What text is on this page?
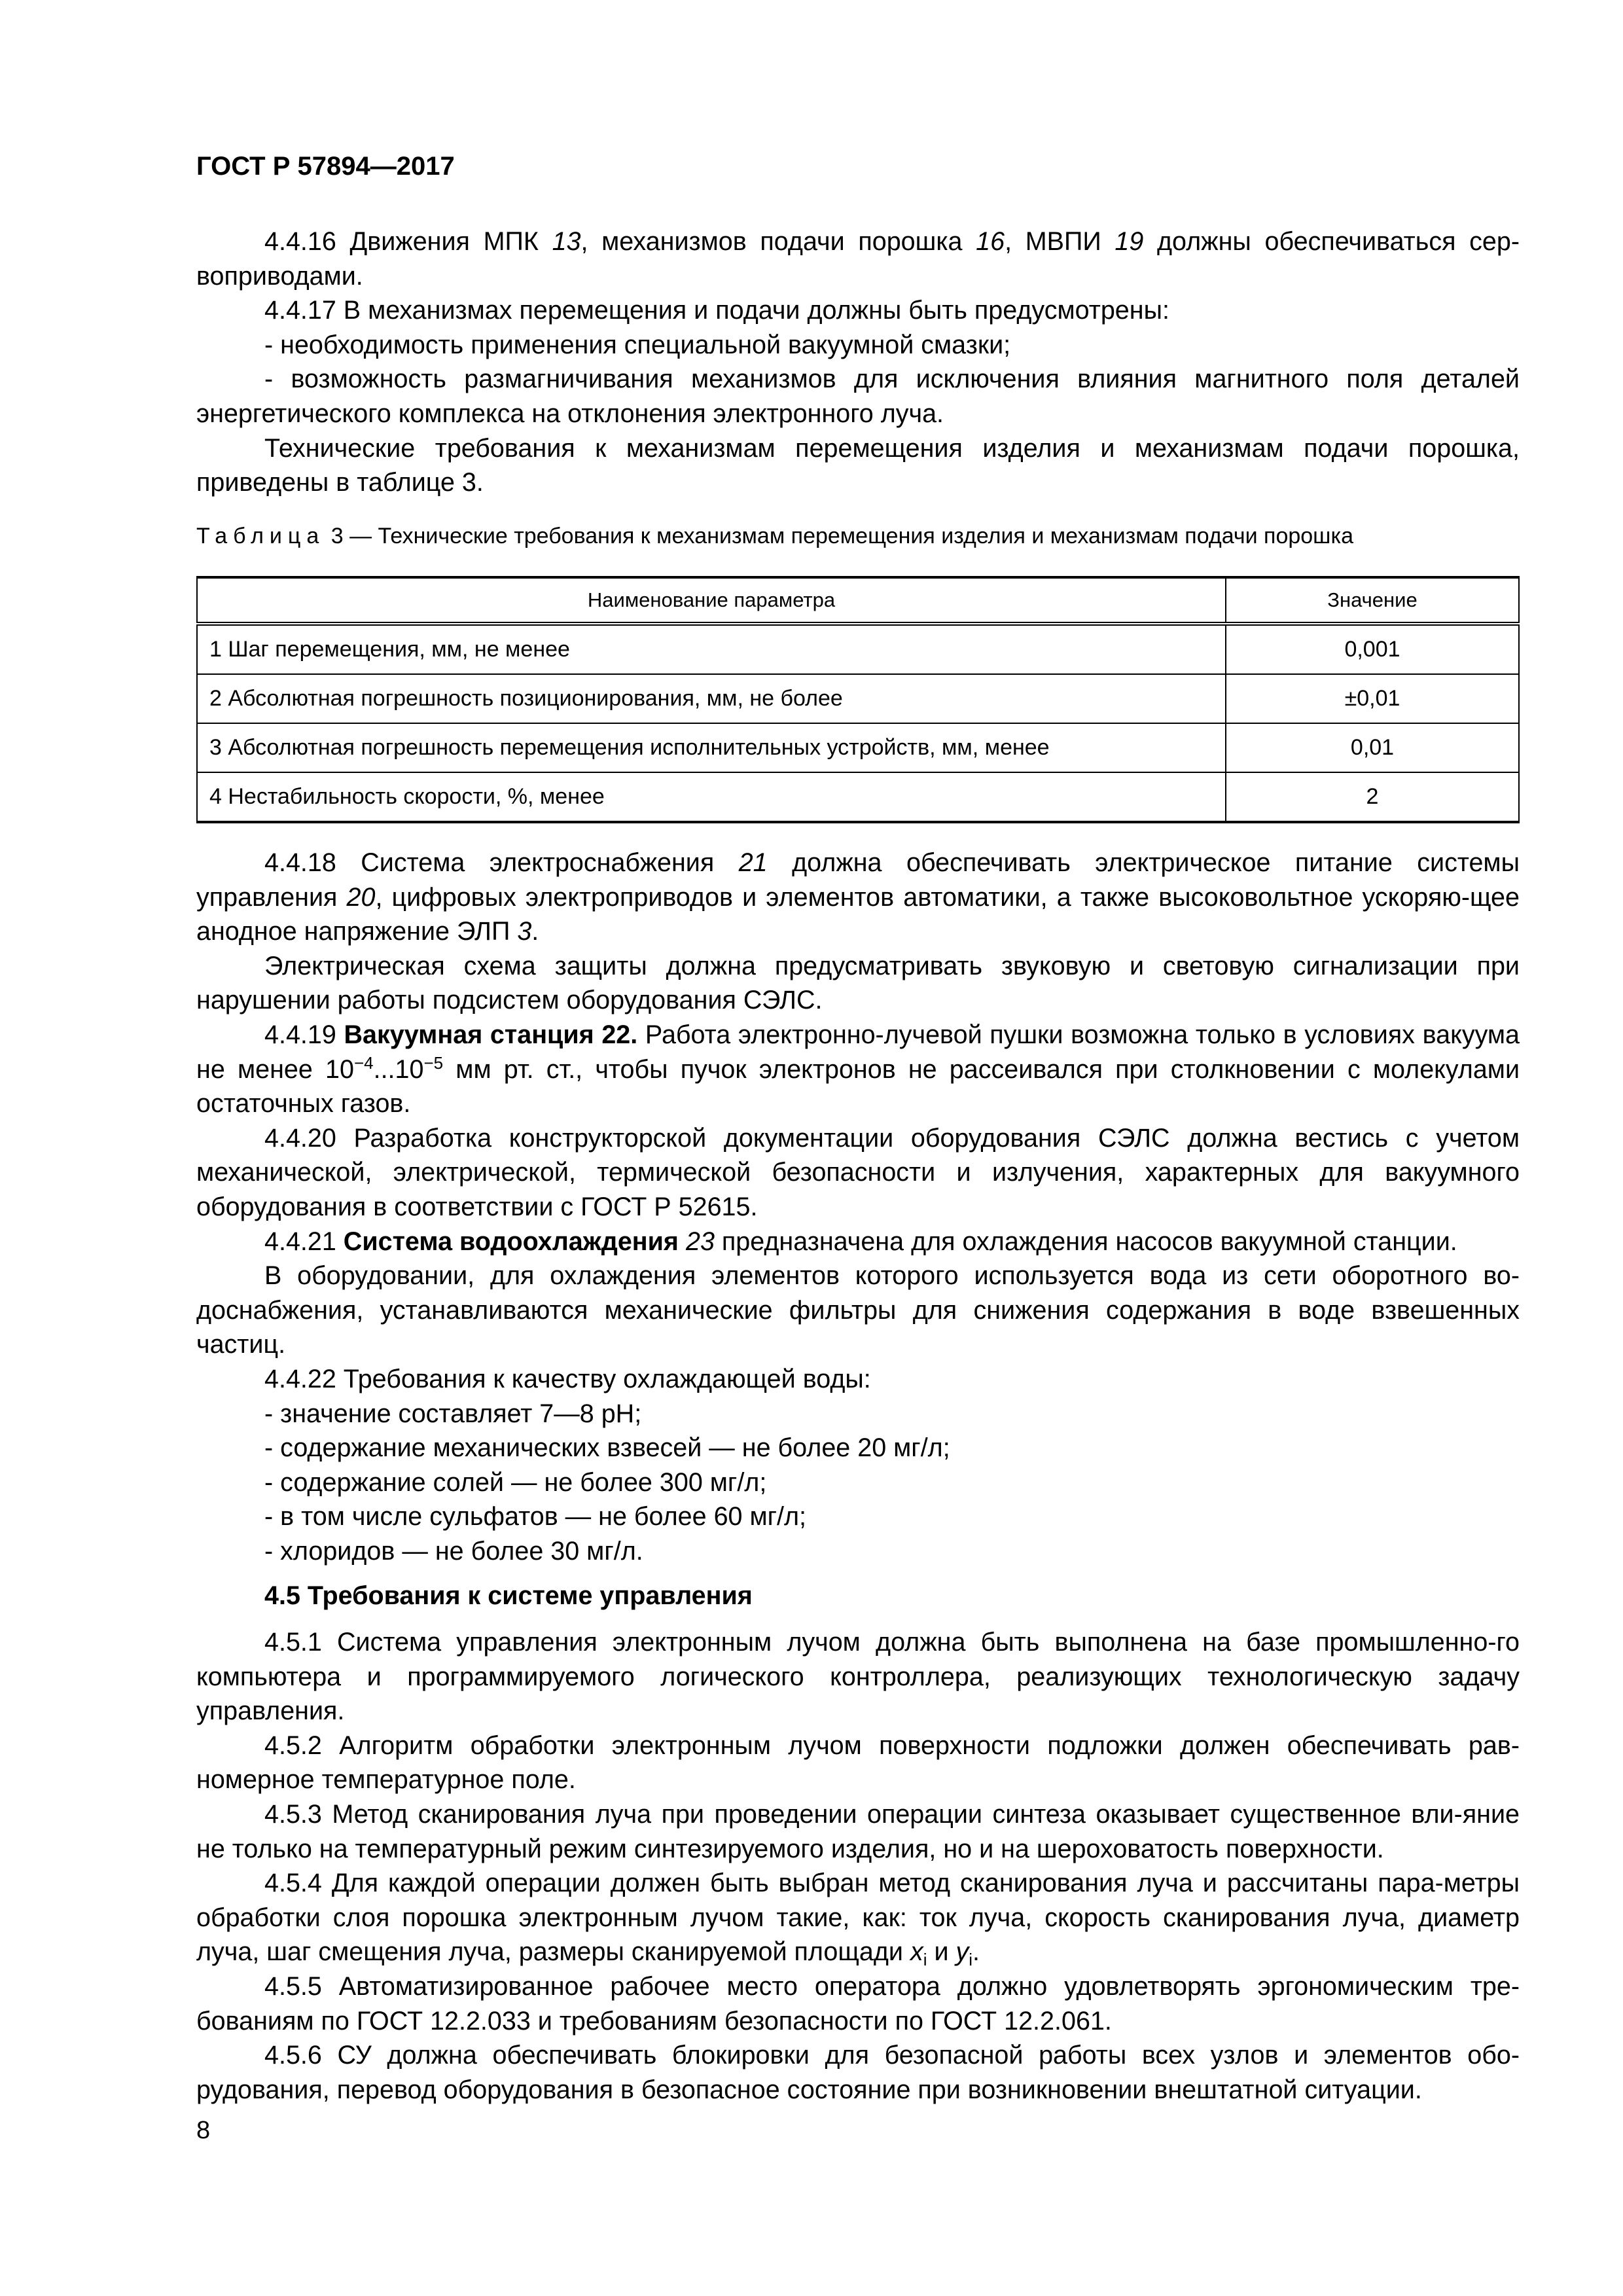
ГОСТ Р 57894—2017

4.4.16 Движения МПК 13, механизмов подачи порошка 16, МВПИ 19 должны обеспечиваться сер-воприводами.

4.4.17 В механизмах перемещения и подачи должны быть предусмотрены:

- необходимость применения специальной вакуумной смазки;

- возможность размагничивания механизмов для исключения влияния магнитного поля деталей энергетического комплекса на отклонения электронного луча.

Технические требования к механизмам перемещения изделия и механизмам подачи порошка, приведены в таблице 3.

Таблица 3 — Технические требования к механизмам перемещения изделия и механизмам подачи порошка
Наименование параметра	Значение
1 Шаг перемещения, мм, не менее	0,001
2 Абсолютная погрешность позиционирования, мм, не более	±0,01
3 Абсолютная погрешность перемещения исполнительных устройств, мм, менее	0,01
4 Нестабильность скорости, %, менее	2

4.4.18 Система электроснабжения 21 должна обеспечивать электрическое питание системы управления 20, цифровых электроприводов и элементов автоматики, а также высоковольтное ускоряю-щее анодное напряжение ЭЛП 3.

Электрическая схема защиты должна предусматривать звуковую и световую сигнализации при нарушении работы подсистем оборудования СЭЛС.

4.4.19 Вакуумная станция 22. Работа электронно-лучевой пушки возможна только в условиях вакуума не менее $10^{-4}...10^{-5}$ мм рт. ст., чтобы пучок электронов не рассеивался при столкновении с молекулами остаточных газов.

4.4.20 Разработка конструкторской документации оборудования СЭЛС должна вестись с учетом механической, электрической, термической безопасности и излучения, характерных для вакуумного оборудования в соответствии с ГОСТ Р 52615.

4.4.21 Система водоохлаждения 23 предназначена для охлаждения насосов вакуумной станции.

В оборудовании, для охлаждения элементов которого используется вода из сети оборотного во-доснабжения, устанавливаются механические фильтры для снижения содержания в воде взвешенных частиц.

4.4.22 Требования к качеству охлаждающей воды:

- значение составляет 7—8 pH;

- содержание механических взвесей — не более 20 мг/л;

- содержание солей — не более 300 мг/л;

- в том числе сульфатов — не более 60 мг/л;

- хлоридов — не более 30 мг/л.

4.5 Требования к системе управления

4.5.1 Система управления электронным лучом должна быть выполнена на базе промышленно-го компьютера и программируемого логического контроллера, реализующих технологическую задачу управления.

4.5.2 Алгоритм обработки электронным лучом поверхности подложки должен обеспечивать рав-номерное температурное поле.

4.5.3 Метод сканирования луча при проведении операции синтеза оказывает существенное вли-яние не только на температурный режим синтезируемого изделия, но и на шероховатость поверхности.

4.5.4 Для каждой операции должен быть выбран метод сканирования луча и рассчитаны пара-метры обработки слоя порошка электронным лучом такие, как: ток луча, скорость сканирования луча, диаметр луча, шаг смещения луча, размеры сканируемой площади $x_i$ и $y_i$.

4.5.5 Автоматизированное рабочее место оператора должно удовлетворять эргономическим тре-бованиям по ГОСТ 12.2.033 и требованиям безопасности по ГОСТ 12.2.061.

4.5.6 СУ должна обеспечивать блокировки для безопасной работы всех узлов и элементов обо-рудования, перевод оборудования в безопасное состояние при возникновении внештатной ситуации.

8
